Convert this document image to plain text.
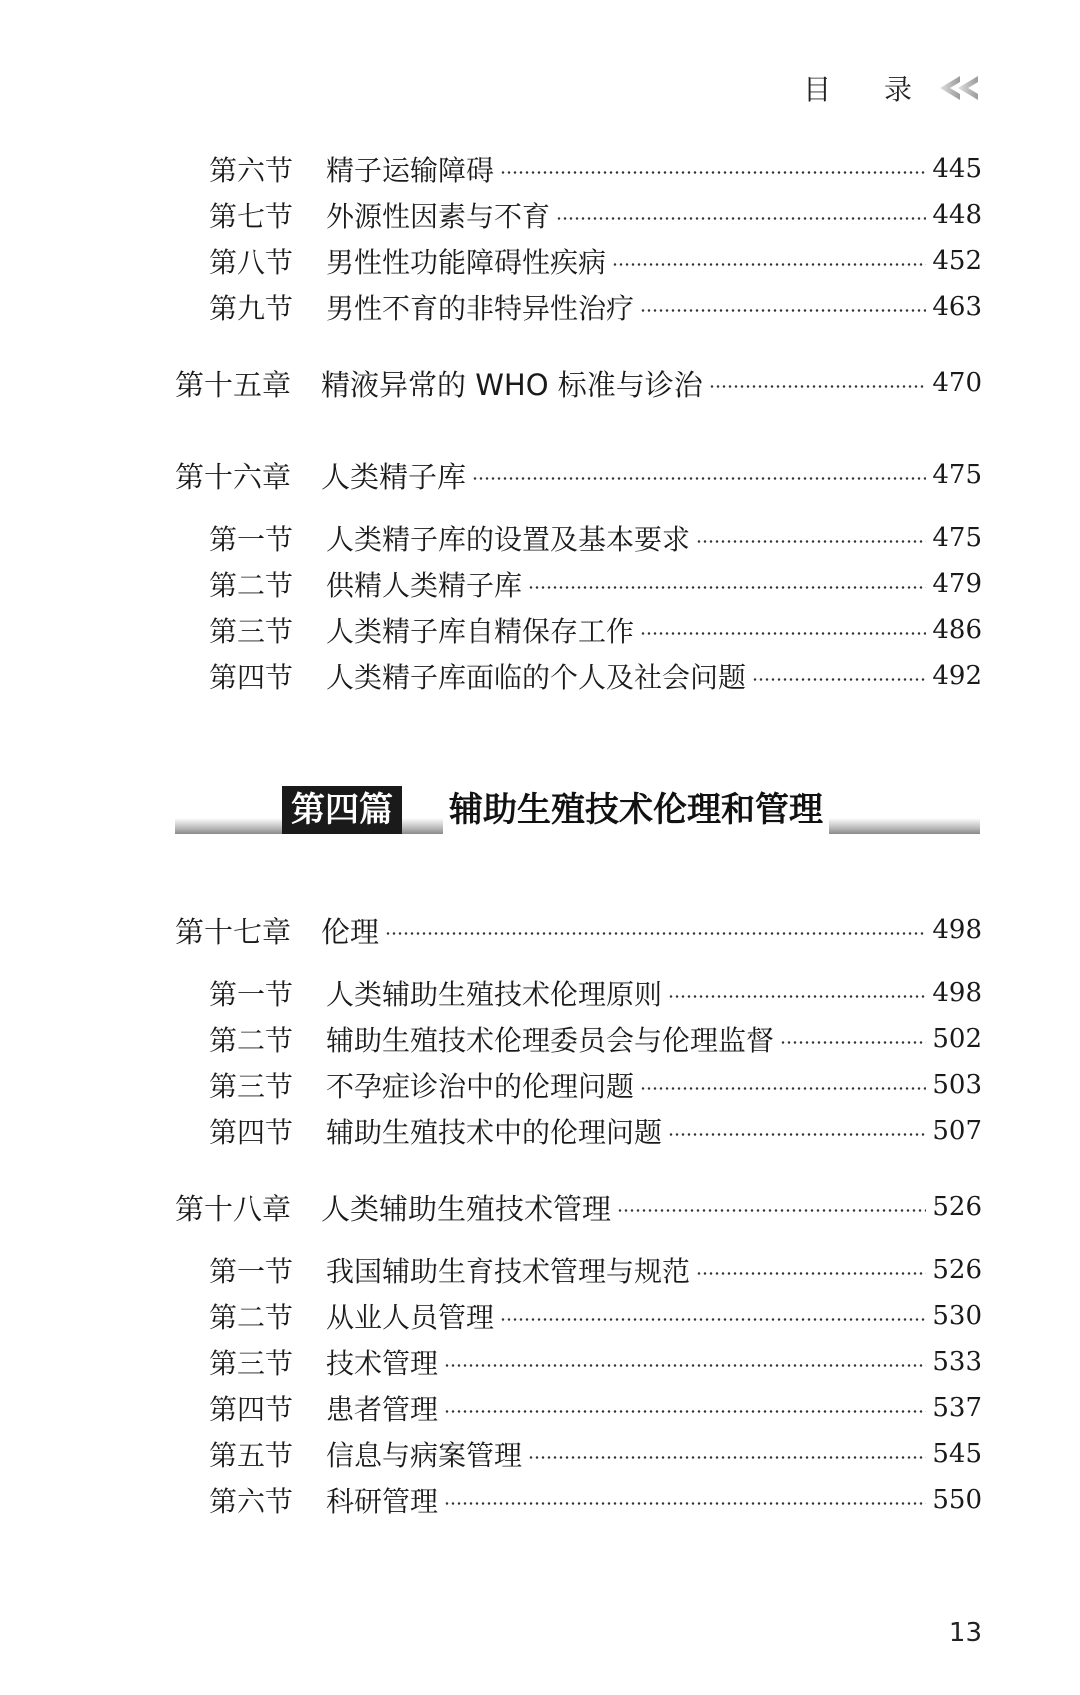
目 录
第六节	精子运输障碍	445
第七节	外源性因素与不育	448
第八节	男性性功能障碍性疾病	452
第九节	男性不育的非特异性治疗	463
第十五章	精液异常的 WHO 标准与诊治	470
第十六章	人类精子库	475
第一节	人类精子库的设置及基本要求	475
第二节	供精人类精子库	479
第三节	人类精子库自精保存工作	486
第四节	人类精子库面临的个人及社会问题	492
第四篇 辅助生殖技术伦理和管理
第十七章	伦理	498
第一节	人类辅助生殖技术伦理原则	498
第二节	辅助生殖技术伦理委员会与伦理监督	502
第三节	不孕症诊治中的伦理问题	503
第四节	辅助生殖技术中的伦理问题	507
第十八章	人类辅助生殖技术管理	526
第一节	我国辅助生育技术管理与规范	526
第二节	从业人员管理	530
第三节	技术管理	533
第四节	患者管理	537
第五节	信息与病案管理	545
第六节	科研管理	550
13
